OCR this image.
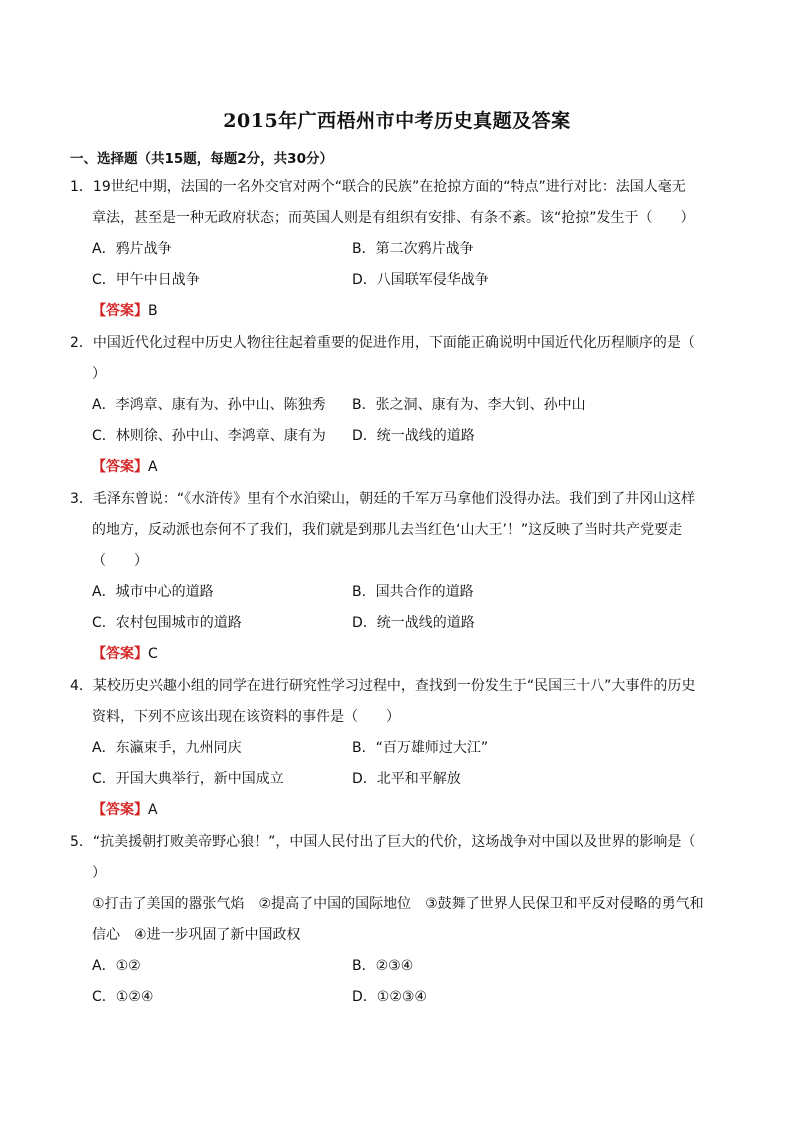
2015年广西梧州市中考历史真题及答案
一、选择题（共15题，每题2分，共30分）
1．19世纪中期，法国的一名外交官对两个“联合的民族”在抢掠方面的“特点”进行对比：法国人毫无
章法，甚至是一种无政府状态；而英国人则是有组织有安排、有条不紊。该“抢掠”发生于（　　）
A．鸦片战争	B．第二次鸦片战争
C．甲午中日战争	D．八国联军侵华战争
【答案】B
2．中国近代化过程中历史人物往往起着重要的促进作用，下面能正确说明中国近代化历程顺序的是（
）
A．李鸿章、康有为、孙中山、陈独秀 B．张之洞、康有为、李大钊、孙中山
C．林则徐、孙中山、李鸿章、康有为 D．统一战线的道路
【答案】A
3．毛泽东曾说：“《水浒传》里有个水泊梁山，朝廷的千军万马拿他们没得办法。我们到了井冈山这样
的地方，反动派也奈何不了我们，我们就是到那儿去当红色‘山大王’！”这反映了当时共产党要走
（　　）
A．城市中心的道路	B．国共合作的道路
C．农村包围城市的道路	D．统一战线的道路
【答案】C
4．某校历史兴趣小组的同学在进行研究性学习过程中，查找到一份发生于“民国三十八”大事件的历史
资料，下列不应该出现在该资料的事件是（　　）
A．东瀛束手，九州同庆	B．“百万雄师过大江”
C．开国大典举行，新中国成立	D．北平和平解放
【答案】A
5．“抗美援朝打败美帝野心狼！”，中国人民付出了巨大的代价，这场战争对中国以及世界的影响是（
）
①打击了美国的嚣张气焰　②提高了中国的国际地位　③鼓舞了世界人民保卫和平反对侵略的勇气和
信心　④进一步巩固了新中国政权
A．①②	B．②③④
C．①②④	D．①②③④
